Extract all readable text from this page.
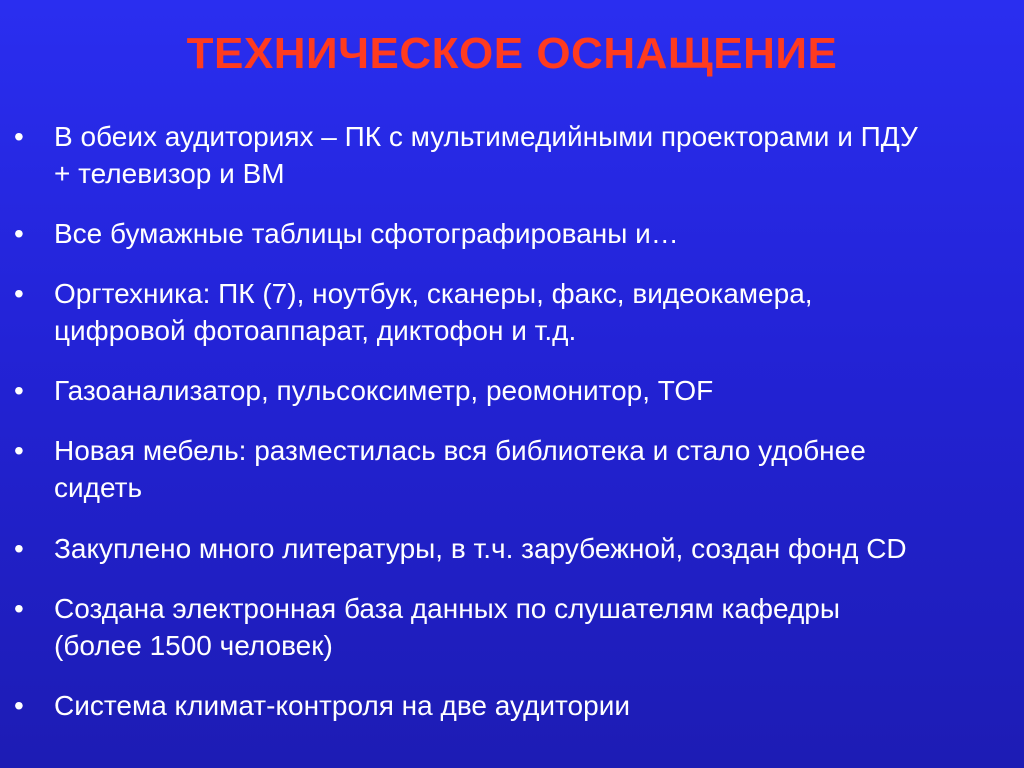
ТЕХНИЧЕСКОЕ ОСНАЩЕНИЕ
• В обеих аудиториях – ПК с мультимедийными проекторами и ПДУ
+ телевизор и ВМ
• Все бумажные таблицы сфотографированы и…
• Оргтехника: ПК (7), ноутбук, сканеры, факс, видеокамера,
цифровой фотоаппарат, диктофон и т.д.
• Газоанализатор, пульсоксиметр, реомонитор, TOF
• Новая мебель: разместилась вся библиотека и стало удобнее
сидеть
• Закуплено много литературы, в т.ч. зарубежной, создан фонд CD
• Создана электронная база данных по слушателям кафедры
(более 1500 человек)
• Система климат-контроля на две аудитории
